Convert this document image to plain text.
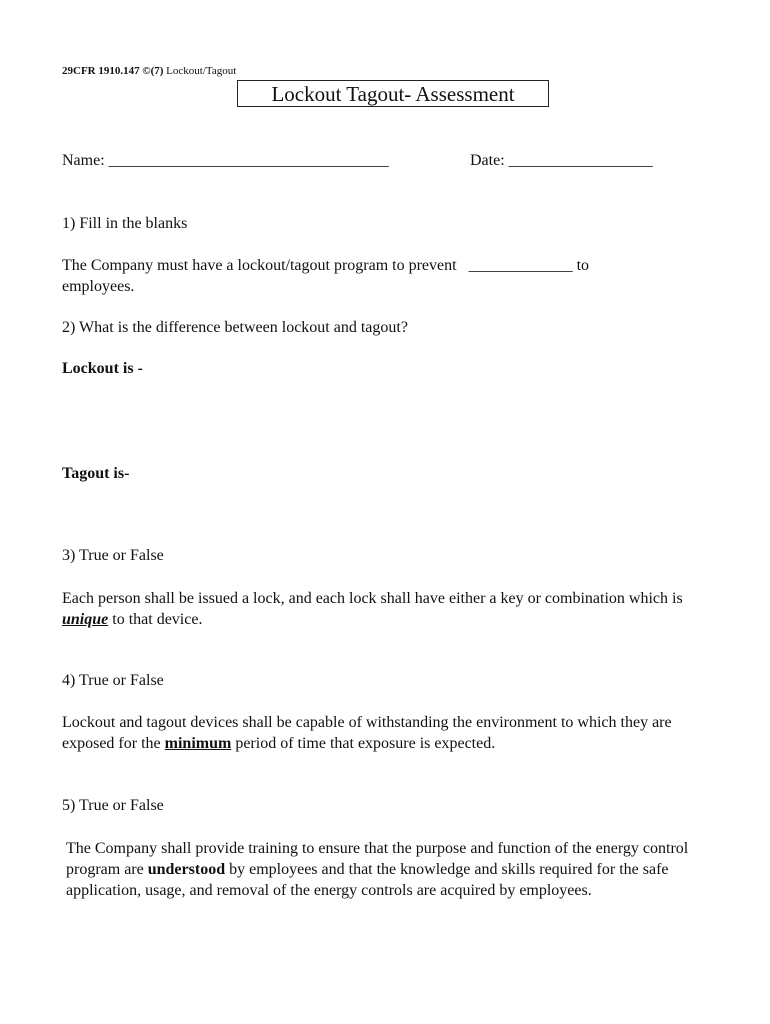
29CFR 1910.147 ©(7) Lockout/Tagout
Lockout Tagout- Assessment
Name: ___________________________________	Date: __________________
1) Fill in the blanks
The Company must have a lockout/tagout program to prevent _____________ to
employees.
2) What is the difference between lockout and tagout?
Lockout is -
Tagout is-
3) True or False
Each person shall be issued a lock, and each lock shall have either a key or combination which is unique to that device.
4) True or False
Lockout and tagout devices shall be capable of withstanding the environment to which they are exposed for the minimum period of time that exposure is expected.
5) True or False
The Company shall provide training to ensure that the purpose and function of the energy control program are understood by employees and that the knowledge and skills required for the safe application, usage, and removal of the energy controls are acquired by employees.
